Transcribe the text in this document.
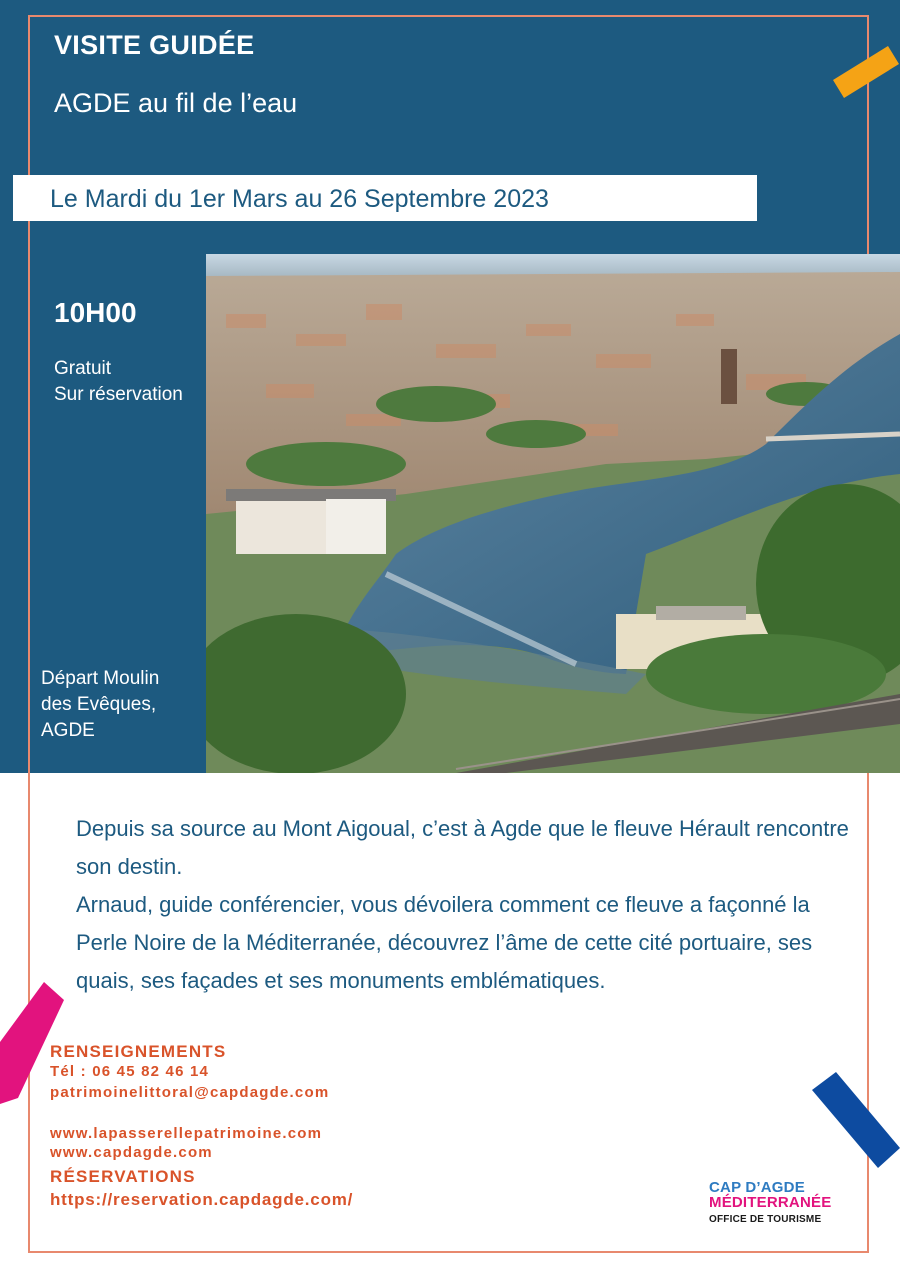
VISITE GUIDÉE
AGDE au fil de l’eau
Le Mardi du 1er Mars au 26 Septembre 2023
10H00
Gratuit
Sur réservation
Départ Moulin
des Evêques,
AGDE

Depuis sa source au Mont Aigoual, c’est à Agde que le fleuve Hérault rencontre son destin.

Arnaud, guide conférencier, vous dévoilera comment ce fleuve a façonné la Perle Noire de la Méditerranée, découvrez l’âme de cette cité portuaire, ses quais, ses façades et ses monuments emblématiques.

RENSEIGNEMENTS
Tél : 06 45 82 46 14
patrimoinelittoral@capdagde.com
www.lapasserellepatrimoine.com
www.capdagde.com
RÉSERVATIONS
https://reservation.capdagde.com/
CAP D’AGDE
MÉDITERRANÉE
OFFICE DE TOURISME
